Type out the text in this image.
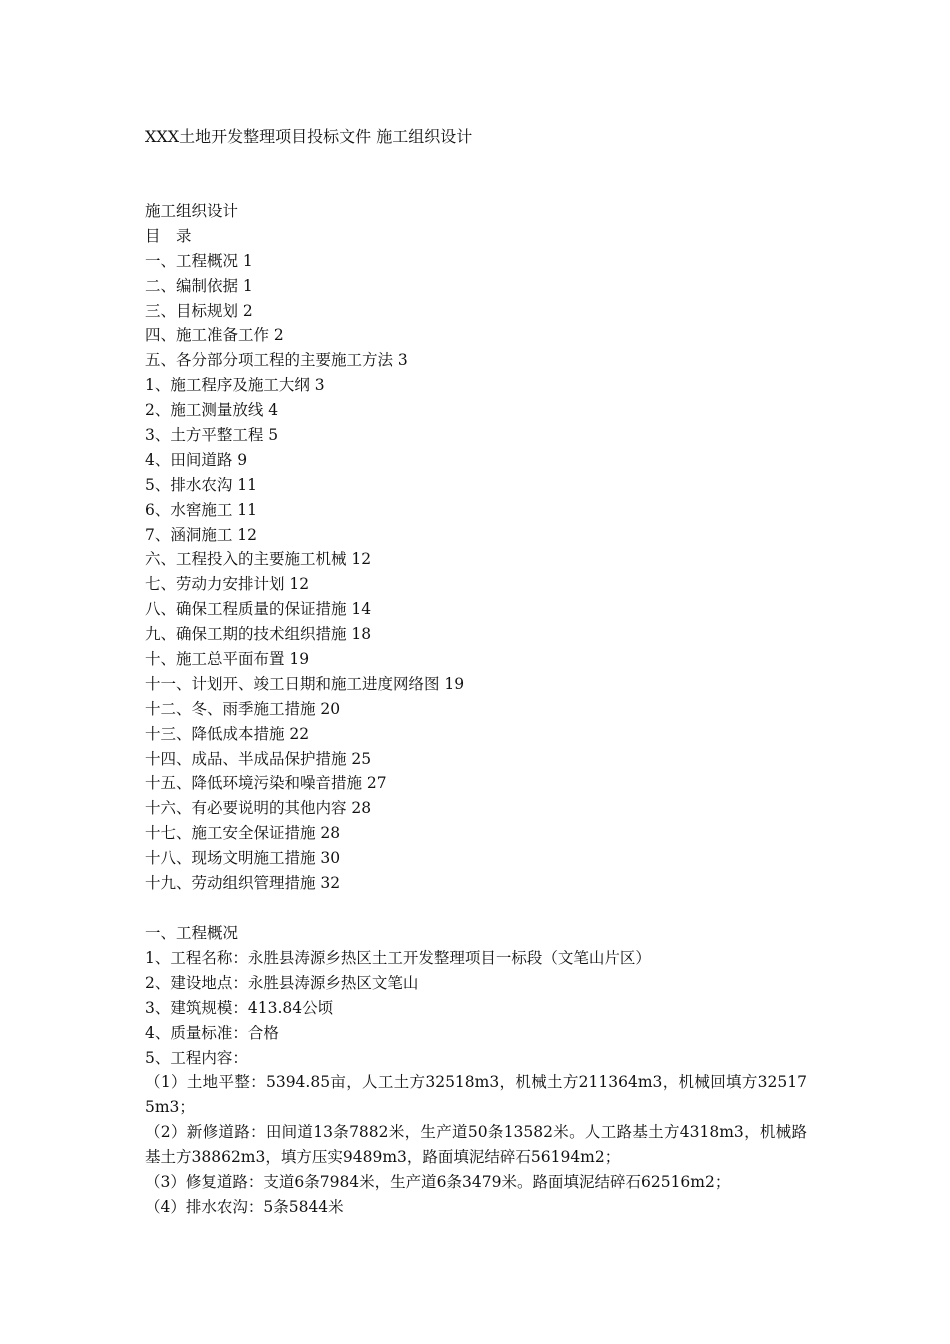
XXX土地开发整理项目投标文件 施工组织设计
施工组织设计
目　录
一、工程概况 1
二、编制依据 1
三、目标规划 2
四、施工准备工作 2
五、各分部分项工程的主要施工方法 3
1、施工程序及施工大纲 3
2、施工测量放线 4
3、土方平整工程 5
4、田间道路 9
5、排水农沟 11
6、水窖施工 11
7、涵洞施工 12
六、工程投入的主要施工机械 12
七、劳动力安排计划 12
八、确保工程质量的保证措施 14
九、确保工期的技术组织措施 18
十、施工总平面布置 19
十一、计划开、竣工日期和施工进度网络图 19
十二、冬、雨季施工措施 20
十三、降低成本措施 22
十四、成品、半成品保护措施 25
十五、降低环境污染和噪音措施 27
十六、有必要说明的其他内容 28
十七、施工安全保证措施 28
十八、现场文明施工措施 30
十九、劳动组织管理措施 32
一、工程概况
1、工程名称：永胜县涛源乡热区土工开发整理项目一标段（文笔山片区）
2、建设地点：永胜县涛源乡热区文笔山
3、建筑规模：413.84公顷
4、质量标准：合格
5、工程内容：
（1）土地平整：5394.85亩，人工土方32518m3，机械土方211364m3，机械回填方325175m3；
（2）新修道路：田间道13条7882米，生产道50条13582米。人工路基土方4318m3，机械路基土方38862m3，填方压实9489m3，路面填泥结碎石56194m2；
（3）修复道路：支道6条7984米，生产道6条3479米。路面填泥结碎石62516m2；
（4）排水农沟：5条5844米
